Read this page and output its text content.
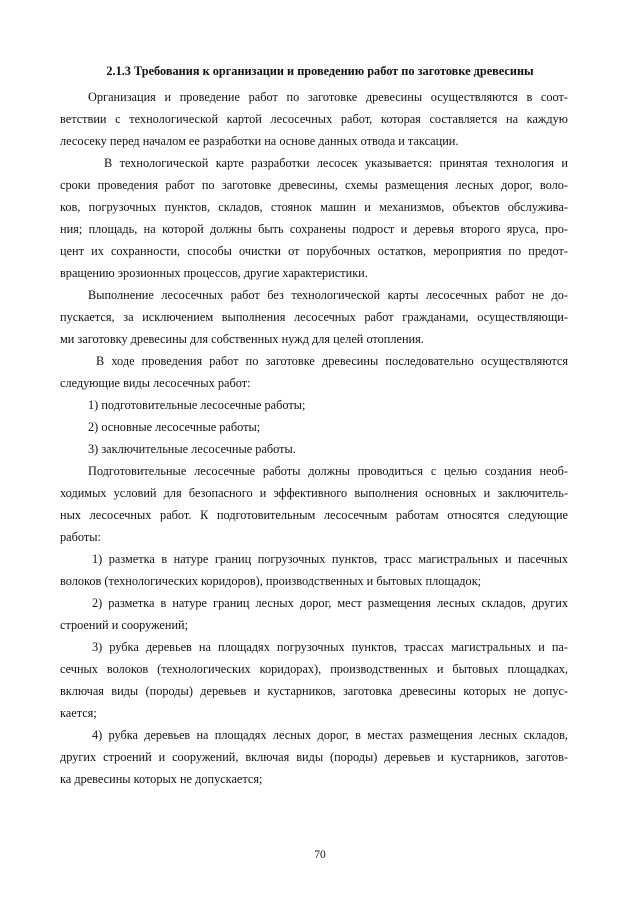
2.1.3 Требования к организации и проведению работ по заготовке древесины

Организация и проведение работ по заготовке древесины осуществляются в соот-
ветствии с технологической картой лесосечных работ, которая составляется на каждую
лесосеку перед началом ее разработки на основе данных отвода и таксации.

В технологической карте разработки лесосек указывается: принятая технология и
сроки проведения работ по заготовке древесины, схемы размещения лесных дорог, воло-
ков, погрузочных пунктов, складов, стоянок машин и механизмов, объектов обслужива-
ния; площадь, на которой должны быть сохранены подрост и деревья второго яруса, про-
цент их сохранности, способы очистки от порубочных остатков, мероприятия по предот-
вращению эрозионных процессов, другие характеристики.

Выполнение лесосечных работ без технологической карты лесосечных работ не до-
пускается, за исключением выполнения лесосечных работ гражданами, осуществляющи-
ми заготовку древесины для собственных нужд для целей отопления.

В ходе проведения работ по заготовке древесины последовательно осуществляются
следующие виды лесосечных работ:

1) подготовительные лесосечные работы;

2) основные лесосечные работы;

3) заключительные лесосечные работы.

Подготовительные лесосечные работы должны проводиться с целью создания необ-
ходимых условий для безопасного и эффективного выполнения основных и заключитель-
ных лесосечных работ. К подготовительным лесосечным работам относятся следующие
работы:

1) разметка в натуре границ погрузочных пунктов, трасс магистральных и пасечных
волоков (технологических коридоров), производственных и бытовых площадок;

2) разметка в натуре границ лесных дорог, мест размещения лесных складов, других
строений и сооружений;

3) рубка деревьев на площадях погрузочных пунктов, трассах магистральных и па-
сечных волоков (технологических коридорах), производственных и бытовых площадках,
включая виды (породы) деревьев и кустарников, заготовка древесины которых не допус-
кается;

4) рубка деревьев на площадях лесных дорог, в местах размещения лесных складов,
других строений и сооружений, включая виды (породы) деревьев и кустарников, заготов-
ка древесины которых не допускается;

70
